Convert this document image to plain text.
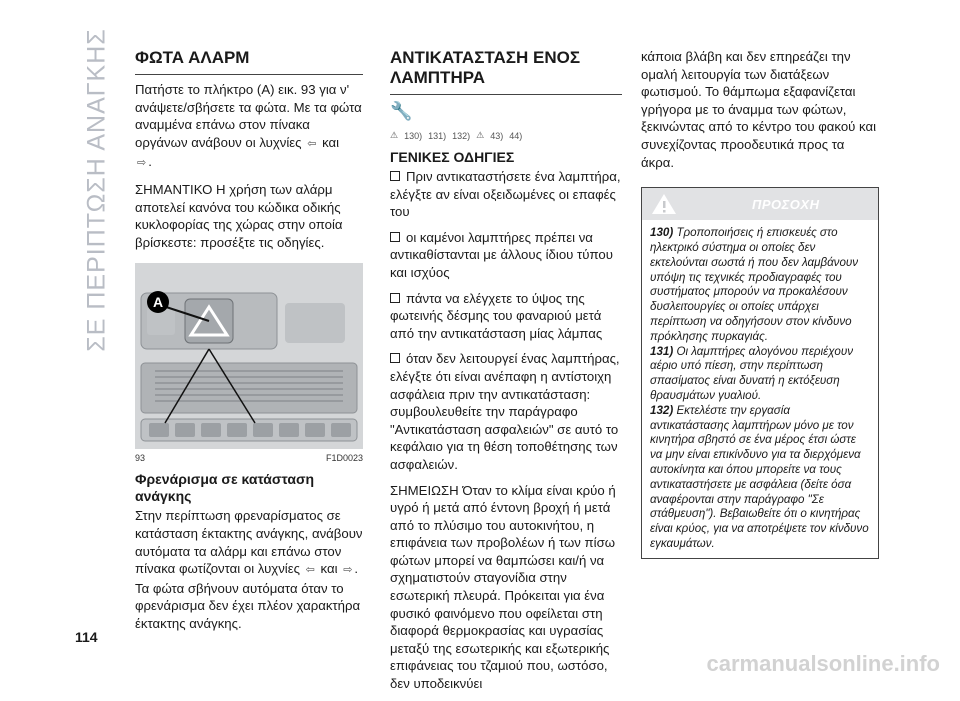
ΣΕ ΠΕΡΙΠΤΩΣΗ ΑΝΑΓΚΗΣ
114
ΦΩΤΑ ΑΛΑΡΜ

Πατήστε το πλήκτρο (A) εικ. 93 για ν' ανάψετε/σβήσετε τα φώτα. Με τα φώτα αναμμένα επάνω στον πίνακα οργάνων ανάβουν οι λυχνίες ⇦ και
⇨ .

ΣΗΜΑΝΤΙΚΟ Η χρήση των αλάρμ αποτελεί κανόνα του κώδικα οδικής κυκλοφορίας της χώρας στην οποία βρίσκεστε: προσέξτε τις οδηγίες.

A
93	F1D0023
Φρενάρισμα σε κατάσταση ανάγκης

Στην περίπτωση φρεναρίσματος σε κατάσταση έκτακτης ανάγκης, ανάβουν αυτόματα τα αλάρμ και επάνω στον πίνακα φωτίζονται οι λυχνίες ⇦ και ⇨ . Τα φώτα σβήνουν αυτόματα όταν το φρενάρισμα δεν έχει πλέον χαρακτήρα έκτακτης ανάγκης.

ΑΝΤΙΚΑΤΑΣΤΑΣΗ ΕΝΟΣ ΛΑΜΠΤΗΡΑ
🔧
⚠ 130) 131) 132) ⚠ 43) 44)
ΓΕΝΙΚΕΣ ΟΔΗΓΙΕΣ

Πριν αντικαταστήσετε ένα λαμπτήρα, ελέγξτε αν είναι οξειδωμένες οι επαφές του

οι καμένοι λαμπτήρες πρέπει να αντικαθίστανται με άλλους ίδιου τύπου και ισχύος

πάντα να ελέγχετε το ύψος της φωτεινής δέσμης του φαναριού μετά από την αντικατάσταση μίας λάμπας

όταν δεν λειτουργεί ένας λαμπτήρας, ελέγξτε ότι είναι ανέπαφη η αντίστοιχη ασφάλεια πριν την αντικατάσταση: συμβουλευθείτε την παράγραφο "Αντικατάσταση ασφαλειών" σε αυτό το κεφάλαιο για τη θέση τοποθέτησης των ασφαλειών.

ΣΗΜΕΙΩΣΗ Όταν το κλίμα είναι κρύο ή υγρό ή μετά από έντονη βροχή ή μετά από το πλύσιμο του αυτοκινήτου, η επιφάνεια των προβολέων ή των πίσω φώτων μπορεί να θαμπώσει και/ή να σχηματιστούν σταγονίδια στην εσωτερική πλευρά. Πρόκειται για ένα φυσικό φαινόμενο που οφείλεται στη διαφορά θερμοκρασίας και υγρασίας μεταξύ της εσωτερικής και εξωτερικής επιφάνειας του τζαμιού που, ωστόσο, δεν υποδεικνύει

κάποια βλάβη και δεν επηρεάζει την ομαλή λειτουργία των διατάξεων φωτισμού. Το θάμπωμα εξαφανίζεται γρήγορα με το άναμμα των φώτων, ξεκινώντας από το κέντρο του φακού και συνεχίζοντας προοδευτικά προς τα άκρα.

ΠΡΟΣΟΧΗ
130) Τροποποιήσεις ή επισκευές στο ηλεκτρικό σύστημα οι οποίες δεν εκτελούνται σωστά ή που δεν λαμβάνουν υπόψη τις τεχνικές προδιαγραφές του συστήματος μπορούν να προκαλέσουν δυσλειτουργίες οι οποίες υπάρχει περίπτωση να οδηγήσουν στον κίνδυνο πρόκλησης πυρκαγιάς.
131) Οι λαμπτήρες αλογόνου περιέχουν αέριο υπό πίεση, στην περίπτωση σπασίματος είναι δυνατή η εκτόξευση θραυσμάτων γυαλιού.
132) Εκτελέστε την εργασία αντικατάστασης λαμπτήρων μόνο με τον κινητήρα σβηστό σε ένα μέρος έτσι ώστε να μην είναι επικίνδυνο για τα διερχόμενα αυτοκίνητα και όπου μπορείτε να τους αντικαταστήσετε με ασφάλεια (δείτε όσα αναφέρονται στην παράγραφο "Σε στάθμευση"). Βεβαιωθείτε ότι ο κινητήρας είναι κρύος, για να αποτρέψετε τον κίνδυνο εγκαυμάτων.
carmanualsonline.info
